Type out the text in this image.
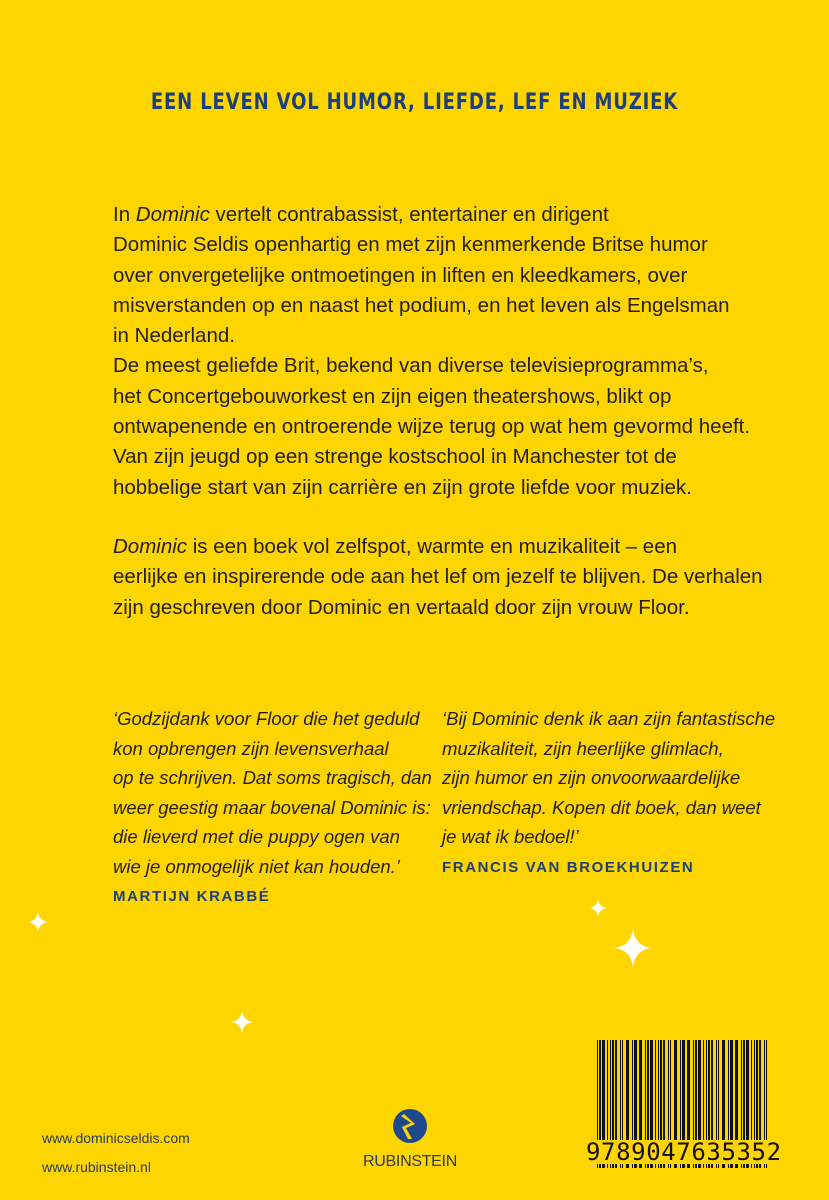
EEN LEVEN VOL HUMOR, LIEFDE, LEF EN MUZIEK
In Dominic vertelt contrabassist, entertainer en dirigent
Dominic Seldis openhartig en met zijn kenmerkende Britse humor
over onvergetelijke ontmoetingen in liften en kleedkamers, over
misverstanden op en naast het podium, en het leven als Engelsman
in Nederland.
De meest geliefde Brit, bekend van diverse televisieprogramma’s,
het Concertgebouworkest en zijn eigen theatershows, blikt op
ontwapenende en ontroerende wijze terug op wat hem gevormd heeft.
Van zijn jeugd op een strenge kostschool in Manchester tot de
hobbelige start van zijn carrière en zijn grote liefde voor muziek.
Dominic is een boek vol zelfspot, warmte en muzikaliteit – een
eerlijke en inspirerende ode aan het lef om jezelf te blijven. De verhalen
zijn geschreven door Dominic en vertaald door zijn vrouw Floor.
‘Godzijdank voor Floor die het geduld
kon opbrengen zijn levensverhaal
op te schrijven. Dat soms tragisch, dan
weer geestig maar bovenal Dominic is:
die lieverd met die puppy ogen van
wie je onmogelijk niet kan houden.’
MARTIJN KRABBÉ
‘Bij Dominic denk ik aan zijn fantastische
muzikaliteit, zijn heerlijke glimlach,
zijn humor en zijn onvoorwaardelijke
vriendschap. Kopen dit boek, dan weet
je wat ik bedoel!’
FRANCIS VAN BROEKHUIZEN
www.dominicseldis.com
www.rubinstein.nl	RUBINSTEIN	9789047635352
